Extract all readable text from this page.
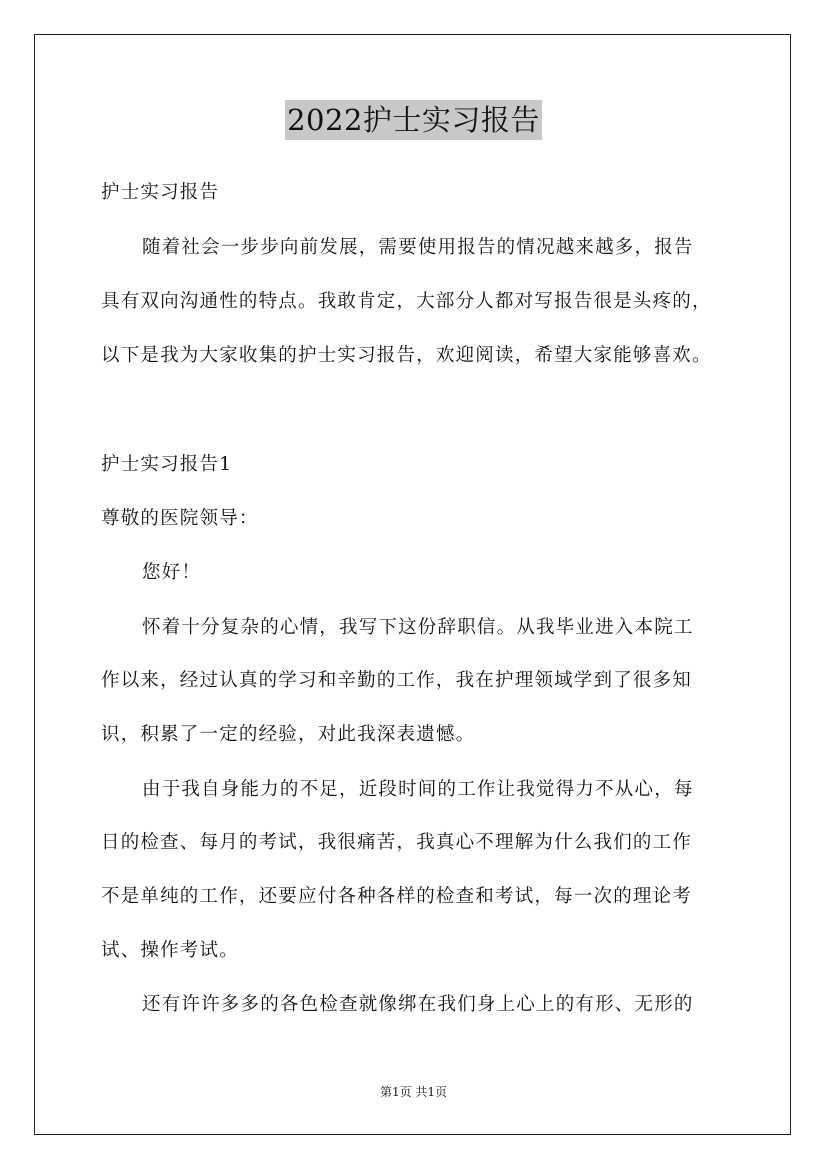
2022护士实习报告
护士实习报告
随着社会一步步向前发展，需要使用报告的情况越来越多，报告
具有双向沟通性的特点。我敢肯定，大部分人都对写报告很是头疼的，
以下是我为大家收集的护士实习报告，欢迎阅读，希望大家能够喜欢。
护士实习报告1
尊敬的医院领导：
您好！
怀着十分复杂的心情，我写下这份辞职信。从我毕业进入本院工
作以来，经过认真的学习和辛勤的工作，我在护理领域学到了很多知
识，积累了一定的经验，对此我深表遗憾。
由于我自身能力的不足，近段时间的工作让我觉得力不从心，每
日的检查、每月的考试，我很痛苦，我真心不理解为什么我们的工作
不是单纯的工作，还要应付各种各样的检查和考试，每一次的理论考
试、操作考试。
还有许许多多的各色检查就像绑在我们身上心上的有形、无形的
第1页 共1页
